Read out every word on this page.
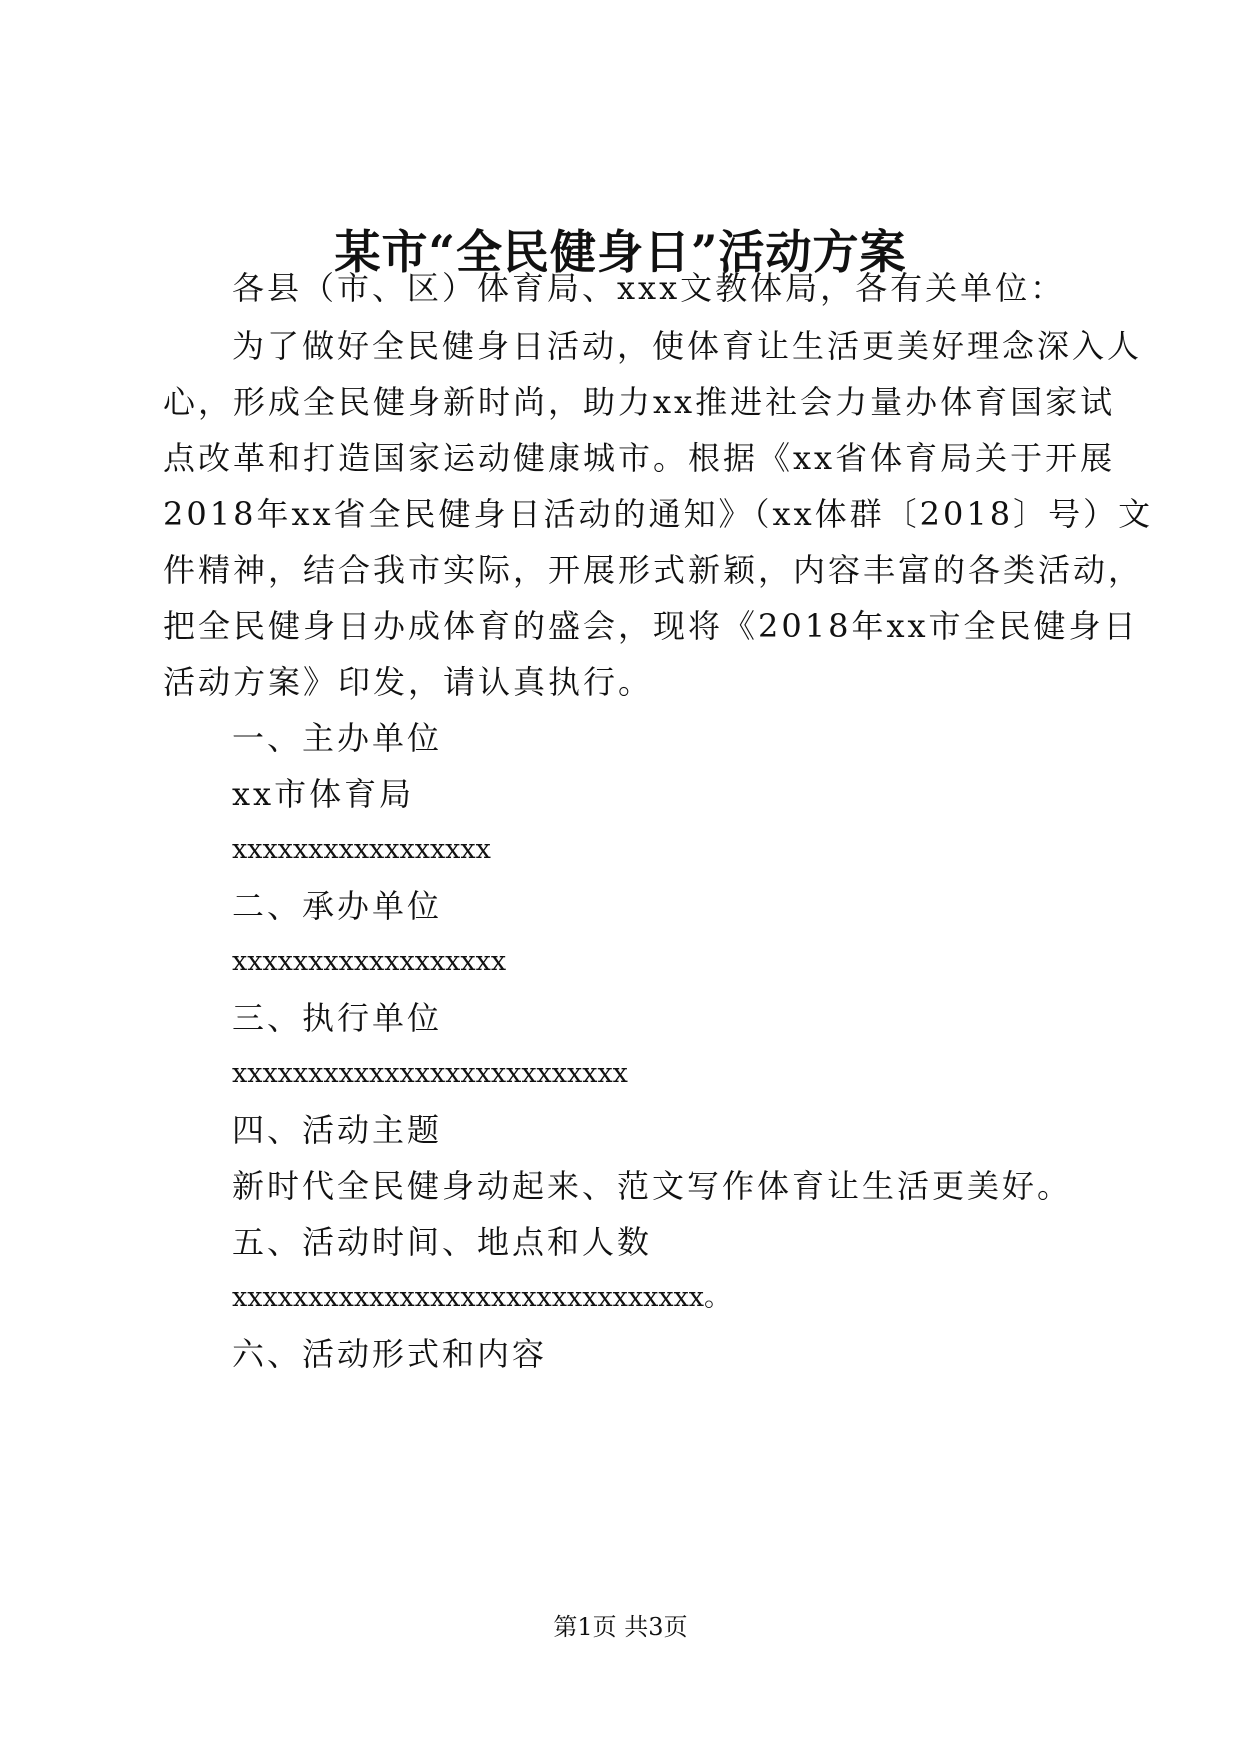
某市“全民健身日”活动方案
各县（市、区）体育局、xxx文教体局，各有关单位：
为了做好全民健身日活动，使体育让生活更美好理念深入人
心，形成全民健身新时尚，助力xx推进社会力量办体育国家试
点改革和打造国家运动健康城市。根据《xx省体育局关于开展
2018年xx省全民健身日活动的通知》（xx体群〔2018〕号）文
件精神，结合我市实际，开展形式新颖，内容丰富的各类活动，
把全民健身日办成体育的盛会，现将《2018年xx市全民健身日
活动方案》印发，请认真执行。
一、主办单位
xx市体育局
xxxxxxxxxxxxxxxxx
二、承办单位
xxxxxxxxxxxxxxxxxx
三、执行单位
xxxxxxxxxxxxxxxxxxxxxxxxxx
四、活动主题
新时代全民健身动起来、范文写作体育让生活更美好。
五、活动时间、地点和人数
xxxxxxxxxxxxxxxxxxxxxxxxxxxxxxx。
六、活动形式和内容
第1页 共3页
